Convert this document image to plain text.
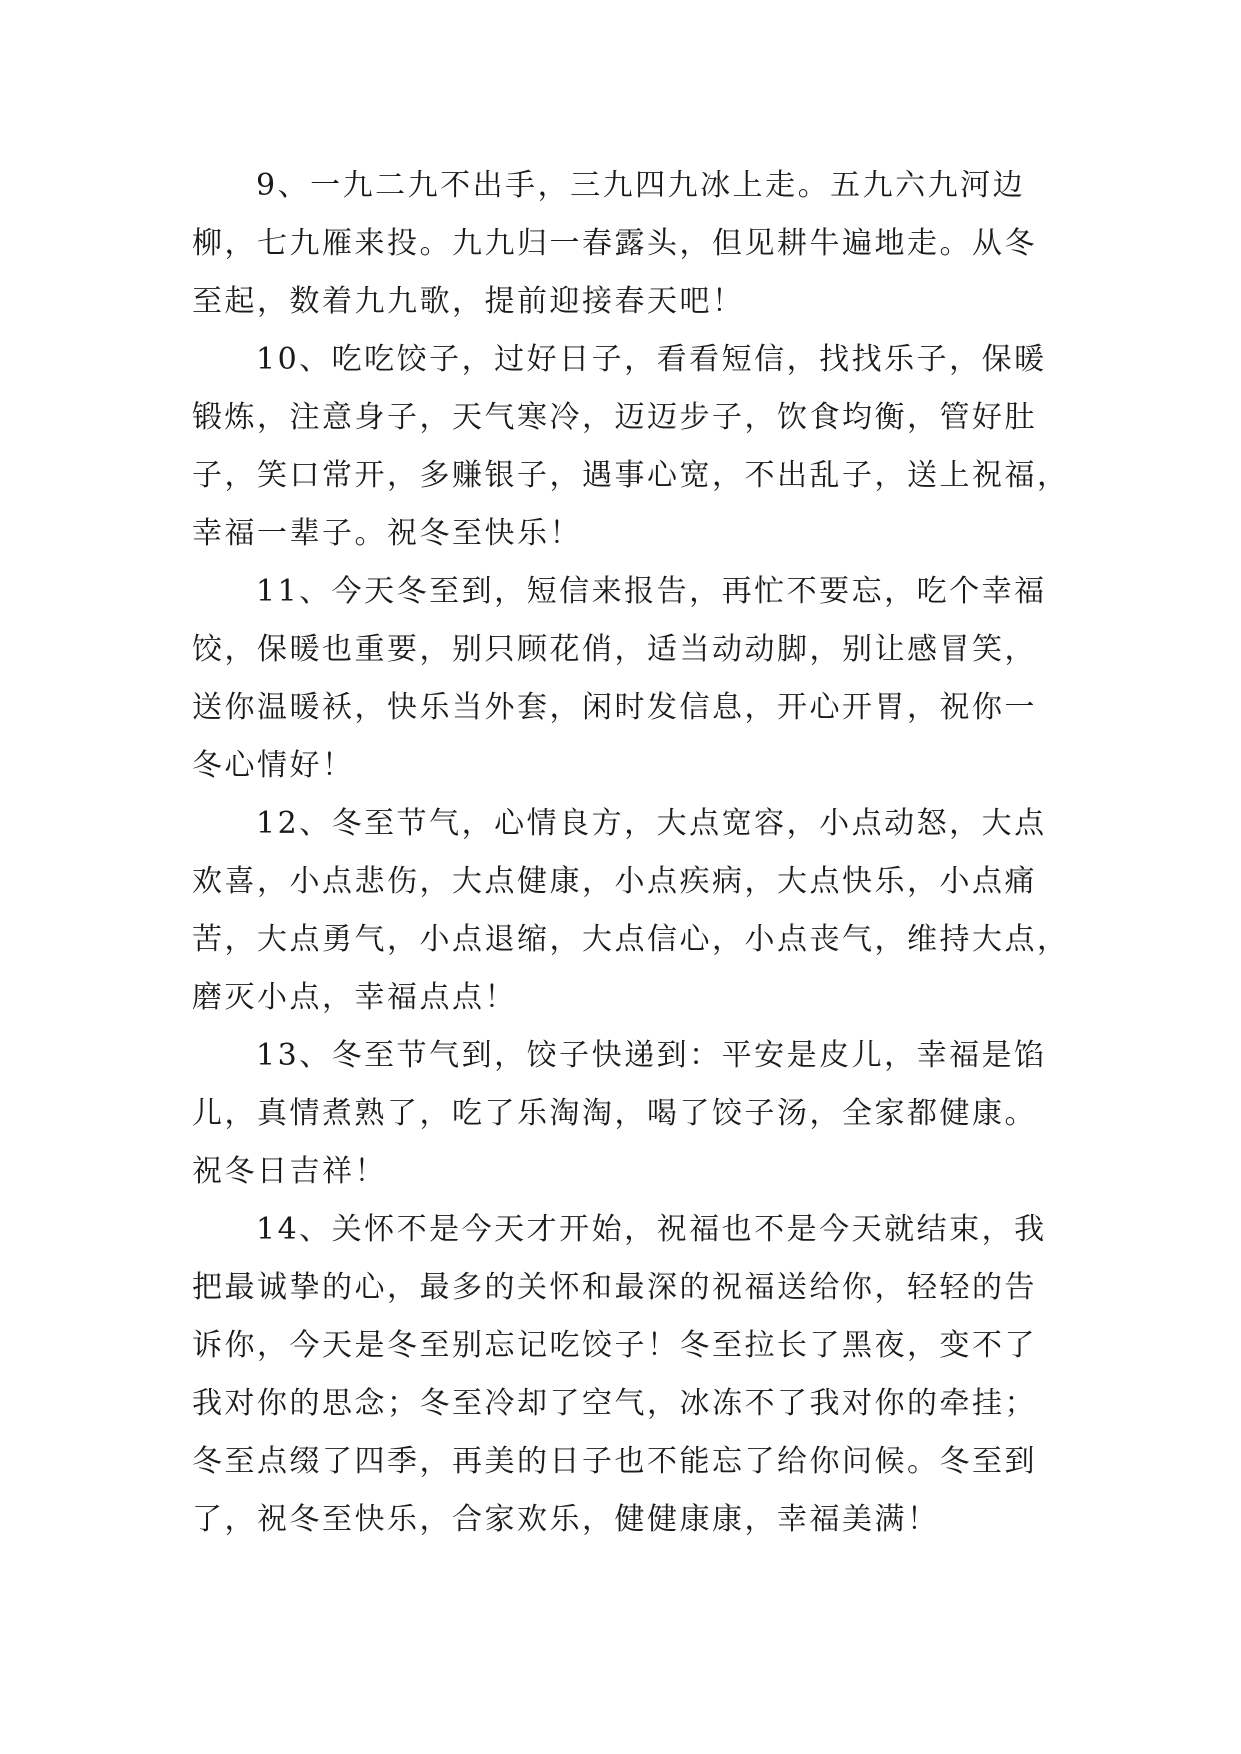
9、一九二九不出手，三九四九冰上走。五九六九河边
柳，七九雁来投。九九归一春露头，但见耕牛遍地走。从冬
至起，数着九九歌，提前迎接春天吧！
10、吃吃饺子，过好日子，看看短信，找找乐子，保暖
锻炼，注意身子，天气寒冷，迈迈步子，饮食均衡，管好肚
子，笑口常开，多赚银子，遇事心宽，不出乱子，送上祝福，
幸福一辈子。祝冬至快乐！
11、今天冬至到，短信来报告，再忙不要忘，吃个幸福
饺，保暖也重要，别只顾花俏，适当动动脚，别让感冒笑，
送你温暖袄，快乐当外套，闲时发信息，开心开胃，祝你一
冬心情好！
12、冬至节气，心情良方，大点宽容，小点动怒，大点
欢喜，小点悲伤，大点健康，小点疾病，大点快乐，小点痛
苦，大点勇气，小点退缩，大点信心，小点丧气，维持大点，
磨灭小点，幸福点点！
13、冬至节气到，饺子快递到：平安是皮儿，幸福是馅
儿，真情煮熟了，吃了乐淘淘，喝了饺子汤，全家都健康。
祝冬日吉祥！
14、关怀不是今天才开始，祝福也不是今天就结束，我
把最诚挚的心，最多的关怀和最深的祝福送给你，轻轻的告
诉你，今天是冬至别忘记吃饺子！冬至拉长了黑夜，变不了
我对你的思念；冬至冷却了空气，冰冻不了我对你的牵挂；
冬至点缀了四季，再美的日子也不能忘了给你问候。冬至到
了，祝冬至快乐，合家欢乐，健健康康，幸福美满！
